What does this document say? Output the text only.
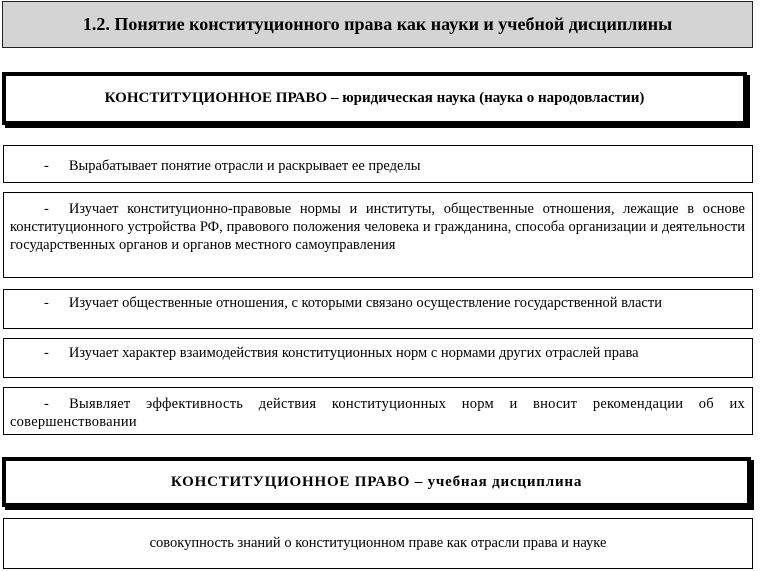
1.2. Понятие конституционного права как науки и учебной дисциплины
КОНСТИТУЦИОННОЕ ПРАВО – юридическая наука (наука о народовластии)
- Вырабатывает понятие отрасли и раскрывает ее пределы
- Изучает конституционно-правовые нормы и институты, общественные отношения, лежащие в основе конституционного устройства РФ, правового положения человека и гражданина, способа организации и деятельности государственных органов и органов местного самоуправления
- Изучает общественные отношения, с которыми связано осуществление государственной власти
- Изучает характер взаимодействия конституционных норм с нормами других отраслей права
- Выявляет эффективность действия конституционных норм и вносит рекомендации об их совершенствовании
КОНСТИТУЦИОННОЕ ПРАВО – учебная дисциплина
совокупность знаний о конституционном праве как отрасли права и науке
